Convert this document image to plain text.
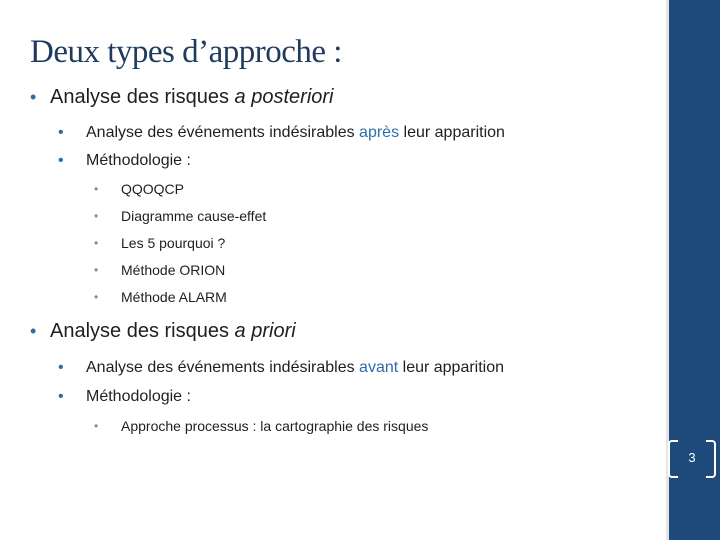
Deux types d’approche :
• Analyse des risques a posteriori
• Analyse des événements indésirables après leur apparition
• Méthodologie :
• QQOQCP
• Diagramme cause-effet
• Les 5 pourquoi ?
• Méthode ORION
• Méthode ALARM
• Analyse des risques a priori
• Analyse des événements indésirables avant leur apparition
• Méthodologie :
• Approche processus : la cartographie des risques
3
